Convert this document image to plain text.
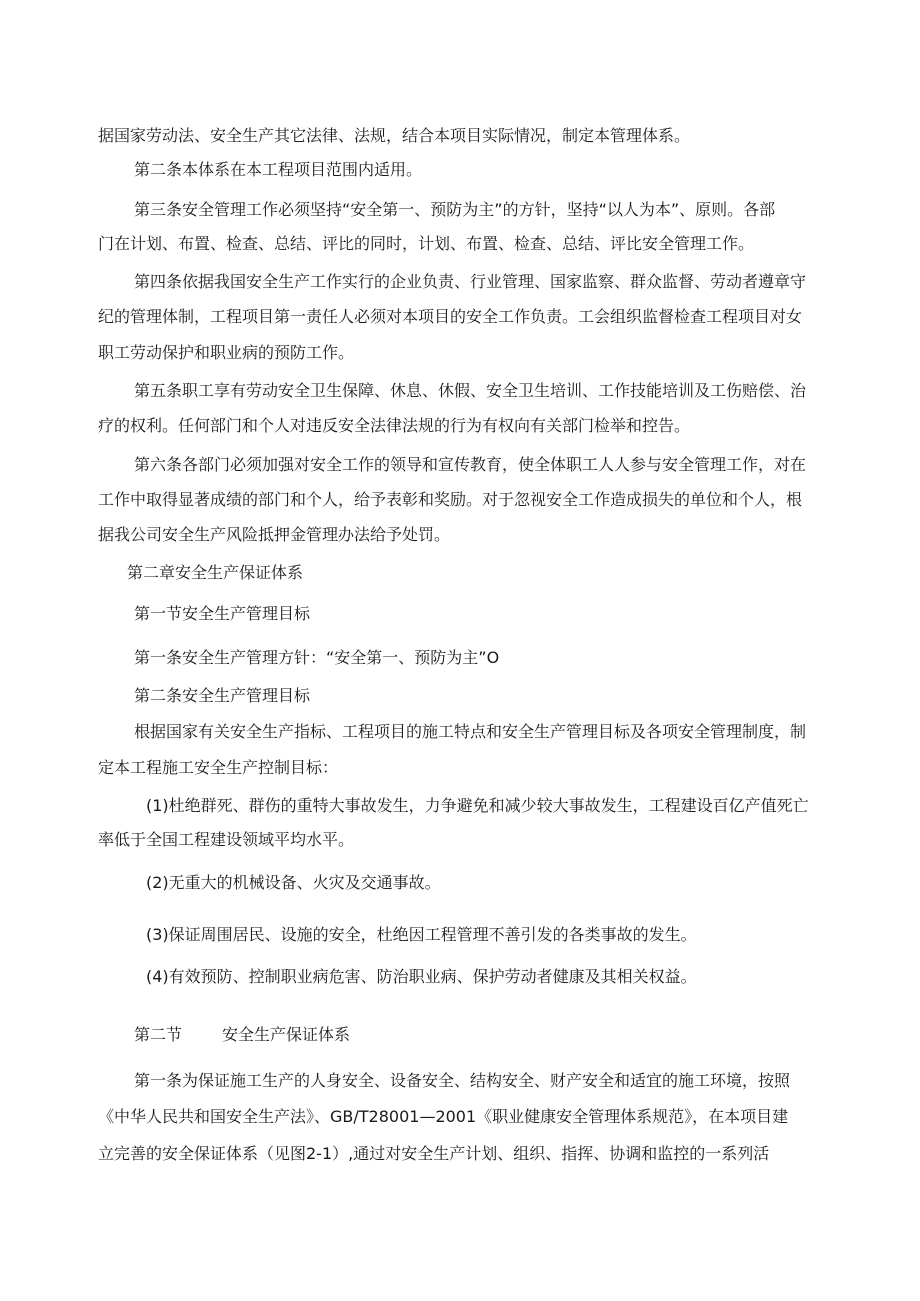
据国家劳动法、安全生产其它法律、法规，结合本项目实际情况，制定本管理体系。
第二条本体系在本工程项目范围内适用。
第三条安全管理工作必须坚持“安全第一、预防为主”的方针，坚持“以人为本”、原则。各部
门在计划、布置、检查、总结、评比的同时，计划、布置、检查、总结、评比安全管理工作。
第四条依据我国安全生产工作实行的企业负责、行业管理、国家监察、群众监督、劳动者遵章守
纪的管理体制，工程项目第一责任人必须对本项目的安全工作负责。工会组织监督检查工程项目对女
职工劳动保护和职业病的预防工作。
第五条职工享有劳动安全卫生保障、休息、休假、安全卫生培训、工作技能培训及工伤赔偿、治
疗的权利。任何部门和个人对违反安全法律法规的行为有权向有关部门检举和控告。
第六条各部门必须加强对安全工作的领导和宣传教育，使全体职工人人参与安全管理工作，对在
工作中取得显著成绩的部门和个人，给予表彰和奖励。对于忽视安全工作造成损失的单位和个人，根
据我公司安全生产风险抵押金管理办法给予处罚。
第二章安全生产保证体系
第一节安全生产管理目标
第一条安全生产管理方针：“安全第一、预防为主”O
第二条安全生产管理目标
根据国家有关安全生产指标、工程项目的施工特点和安全生产管理目标及各项安全管理制度，制
定本工程施工安全生产控制目标：
(1)杜绝群死、群伤的重特大事故发生，力争避免和减少较大事故发生，工程建设百亿产值死亡
率低于全国工程建设领域平均水平。
(2)无重大的机械设备、火灾及交通事故。
(3)保证周围居民、设施的安全，杜绝因工程管理不善引发的各类事故的发生。
(4)有效预防、控制职业病危害、防治职业病、保护劳动者健康及其相关权益。
第二节	安全生产保证体系
第一条为保证施工生产的人身安全、设备安全、结构安全、财产安全和适宜的施工环境，按照
《中华人民共和国安全生产法》、GB/T28001—2001《职业健康安全管理体系规范》，在本项目建
立完善的安全保证体系（见图2-1）,通过对安全生产计划、组织、指挥、协调和监控的一系列活
